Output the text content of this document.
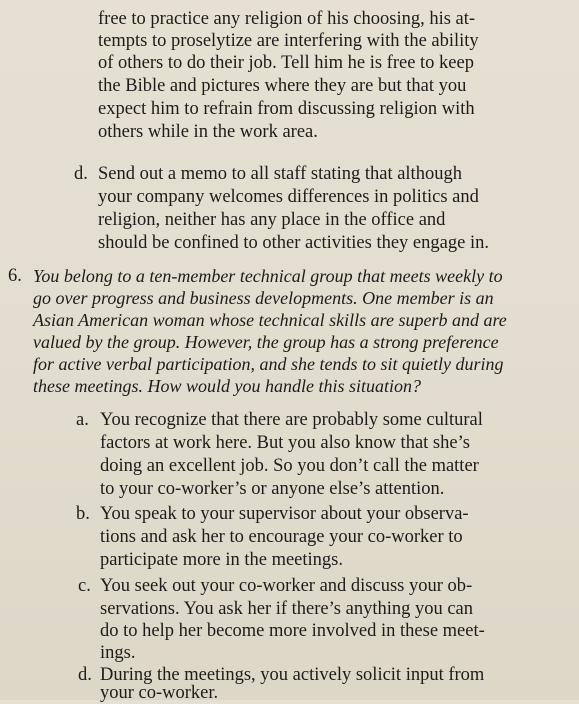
free to practice any religion of his choosing, his at-
tempts to proselytize are interfering with the ability
of others to do their job. Tell him he is free to keep
the Bible and pictures where they are but that you
expect him to refrain from discussing religion with
others while in the work area.
d. Send out a memo to all staff stating that although
your company welcomes differences in politics and
religion, neither has any place in the office and
should be confined to other activities they engage in.
6. You belong to a ten-member technical group that meets weekly to
go over progress and business developments. One member is an
Asian American woman whose technical skills are superb and are
valued by the group. However, the group has a strong preference
for active verbal participation, and she tends to sit quietly during
these meetings. How would you handle this situation?
a. You recognize that there are probably some cultural
factors at work here. But you also know that she’s
doing an excellent job. So you don’t call the matter
to your co-worker’s or anyone else’s attention.
b. You speak to your supervisor about your observa-
tions and ask her to encourage your co-worker to
participate more in the meetings.
c. You seek out your co-worker and discuss your ob-
servations. You ask her if there’s anything you can
do to help her become more involved in these meet-
ings.
d. During the meetings, you actively solicit input from
your co-worker.
